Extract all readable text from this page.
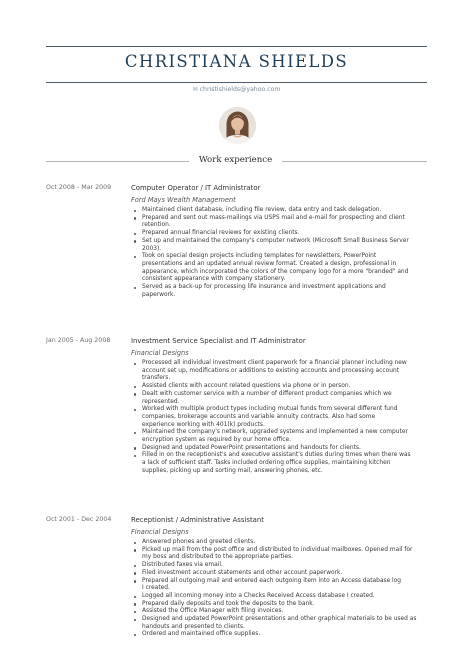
CHRISTIANA SHIELDS
✉ christishields@yahoo.com
Work experience
Oct 2008 - Mar 2009	Computer Operator / IT Administrator
Ford Mays Wealth Management
Maintained client database, including file review, data entry and task delegation.
Prepared and sent out mass-mailings via USPS mail and e-mail for prospecting and client
retention.
Prepared annual financial reviews for existing clients.
Set up and maintained the company's computer network (Microsoft Small Business Server
2003).
Took on special design projects including templates for newsletters, PowerPoint
presentations and an updated annual review format. Created a design, professional in
appearance, which incorporated the colors of the company logo for a more "branded" and
consistent appearance with company stationery.
Served as a back-up for processing life insurance and investment applications and
paperwork.
Jan 2005 - Aug 2008	Investment Service Specialist and IT Administrator
Financial Designs
Processed all individual investment client paperwork for a financial planner including new
account set up, modifications or additions to existing accounts and processing account
transfers.
Assisted clients with account related questions via phone or in person.
Dealt with customer service with a number of different product companies which we
represented.
Worked with multiple product types including mutual funds from several different fund
companies, brokerage accounts and variable annuity contracts. Also had some
experience working with 401(k) products.
Maintained the company's network, upgraded systems and implemented a new computer
encryption system as required by our home office.
Designed and updated PowerPoint presentations and handouts for clients.
Filled in on the receptionist's and executive assistant's duties during times when there was
a lack of sufficient staff. Tasks included ordering office supplies, maintaining kitchen
supplies, picking up and sorting mail, answering phones, etc.
Oct 2001 - Dec 2004	Receptionist / Administrative Assistant
Financial Designs
Answered phones and greeted clients.
Picked up mail from the post office and distributed to individual mailboxes. Opened mail for
my boss and distributed to the appropriate parties.
Distributed faxes via email.
Filed investment account statements and other account paperwork.
Prepared all outgoing mail and entered each outgoing item into an Access database log
I created.
Logged all incoming money into a Checks Received Access database I created.
Prepared daily deposits and took the deposits to the bank.
Assisted the Office Manager with filing invoices.
Designed and updated PowerPoint presentations and other graphical materials to be used as
handouts and presented to clients.
Ordered and maintained office supplies.
